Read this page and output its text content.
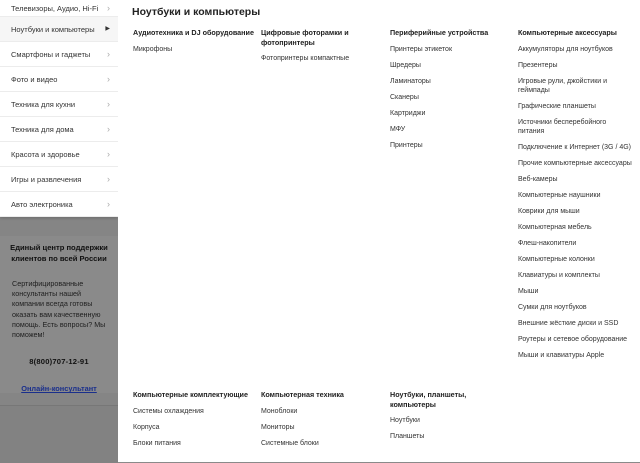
Телевизоры, Аудио, Hi-Fi ›
Ноутбуки и компьютеры ▶
Смартфоны и гаджеты ›
Фото и видео	›
Техника для кухни	›
Техника для дома	›
Красота и здоровье	›
Игры и развлечения	›
Авто электроника	›
Единый центр поддержки клиентов по всей России
Сертифицированные консультанты нашей компании всегда готовы оказать вам качественную помощь. Есть вопросы? Мы поможем!
8(800)707-12-91
Онлайн-консультант
Ноутбуки и компьютеры
Аудиотехника и DJ оборудование
Микрофоны
Цифровые фоторамки и фотопринтеры
Фотопринтеры компактные
Периферийные устройства
Принтеры этикеток
Шредеры
Ламинаторы
Сканеры
Картриджи
МФУ
Принтеры
Компьютерные аксессуары
Аккумуляторы для ноутбуков
Презентеры
Игровые рули, джойстики и геймпады
Графические планшеты
Источники бесперебойного питания
Подключение к Интернет (3G / 4G)
Прочие компьютерные аксессуары
Веб-камеры
Компьютерные наушники
Коврики для мыши
Компьютерная мебель
Флеш-накопители
Компьютерные колонки
Клавиатуры и комплекты
Мыши
Сумки для ноутбуков
Внешние жёсткие диски и SSD
Роутеры и сетевое оборудование
Мыши и клавиатуры Apple
Компьютерные комплектующие
Системы охлаждения
Корпуса
Блоки питания
Компьютерная техника
Моноблоки
Мониторы
Системные блоки
Ноутбуки, планшеты, компьютеры
Ноутбуки
Планшеты
